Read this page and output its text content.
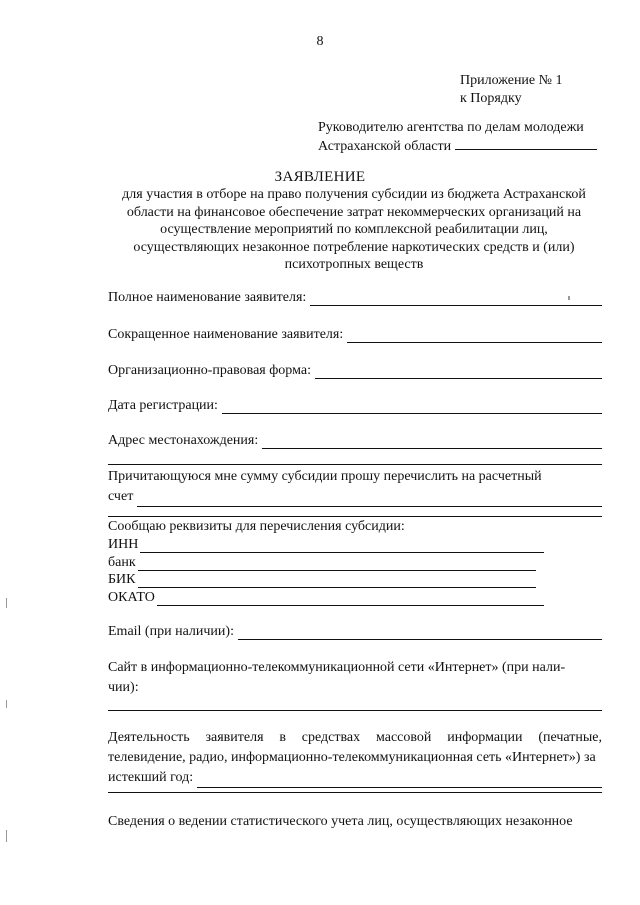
8
Приложение № 1
к Порядку
Руководителю агентства по делам молодежи
Астраханской области
ЗАЯВЛЕНИЕ
для участия в отборе на право получения субсидии из бюджета Астраханской области на финансовое обеспечение затрат некоммерческих организаций на осуществление мероприятий по комплексной реабилитации лиц, осуществляющих незаконное потребление наркотических средств и (или) психотропных веществ
Полное наименование заявителя:
Сокращенное наименование заявителя:
Организационно-правовая форма:
Дата регистрации:
Адрес местонахождения:
Причитающуюся мне сумму субсидии прошу перечислить на расчетный
счет
Сообщаю реквизиты для перечисления субсидии:
ИНН
банк
БИК
ОКАТО
Email (при наличии):
Сайт в информационно-телекоммуникационной сети «Интернет» (при нали-
чии):
Деятельность заявителя в средствах массовой информации (печатные, телевидение, радио, информационно-телекоммуникационная сеть «Интернет») за
истекший год:
Сведения о ведении статистического учета лиц, осуществляющих незаконное
